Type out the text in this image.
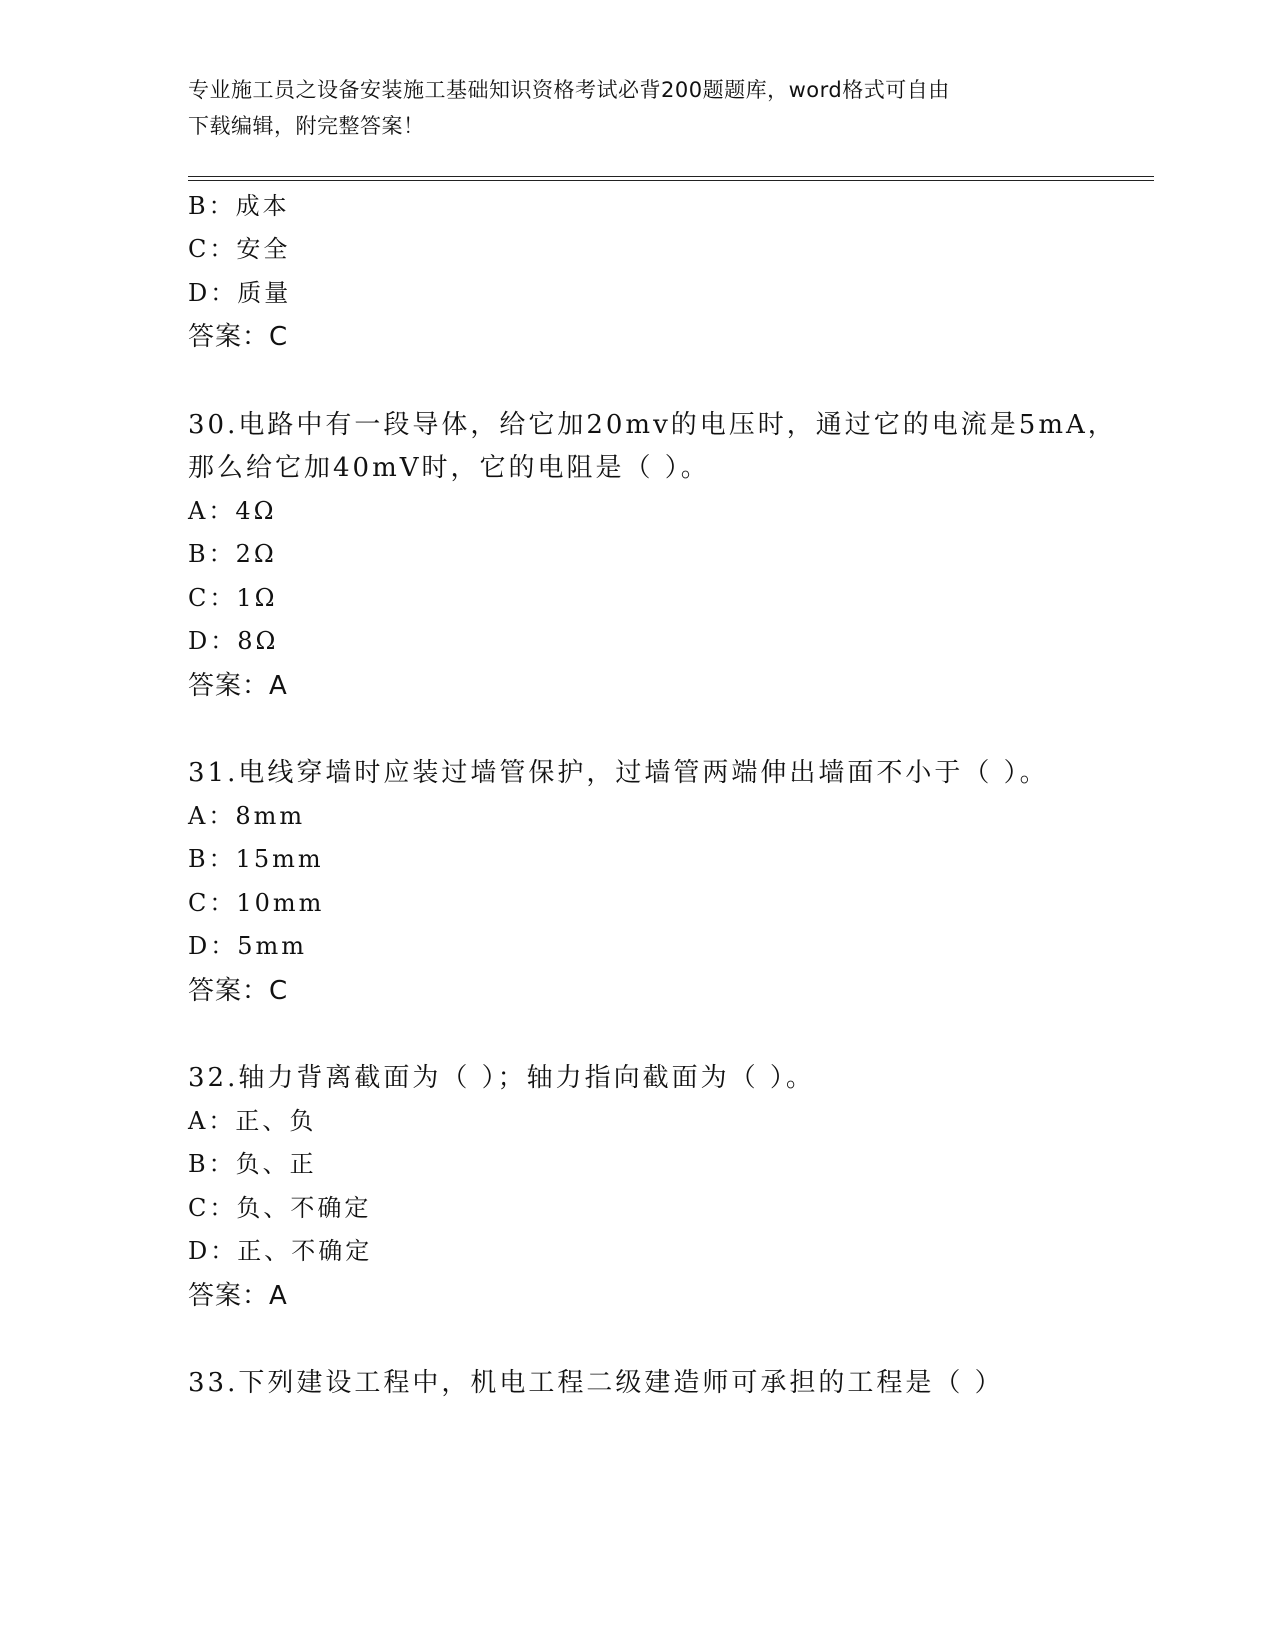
专业施工员之设备安装施工基础知识资格考试必背200题题库，word格式可自由
下载编辑，附完整答案！
B：成本
C：安全
D：质量
答案：C
30.电路中有一段导体，给它加20mv的电压时，通过它的电流是5mA，
那么给它加40mV时，它的电阻是（ ）。
A：4Ω
B：2Ω
C：1Ω
D：8Ω
答案：A
31.电线穿墙时应装过墙管保护，过墙管两端伸出墙面不小于（ ）。
A：8mm
B：15mm
C：10mm
D：5mm
答案：C
32.轴力背离截面为（ ）；轴力指向截面为（ ）。
A：正、负
B：负、正
C：负、不确定
D：正、不确定
答案：A
33.下列建设工程中，机电工程二级建造师可承担的工程是（ ）
